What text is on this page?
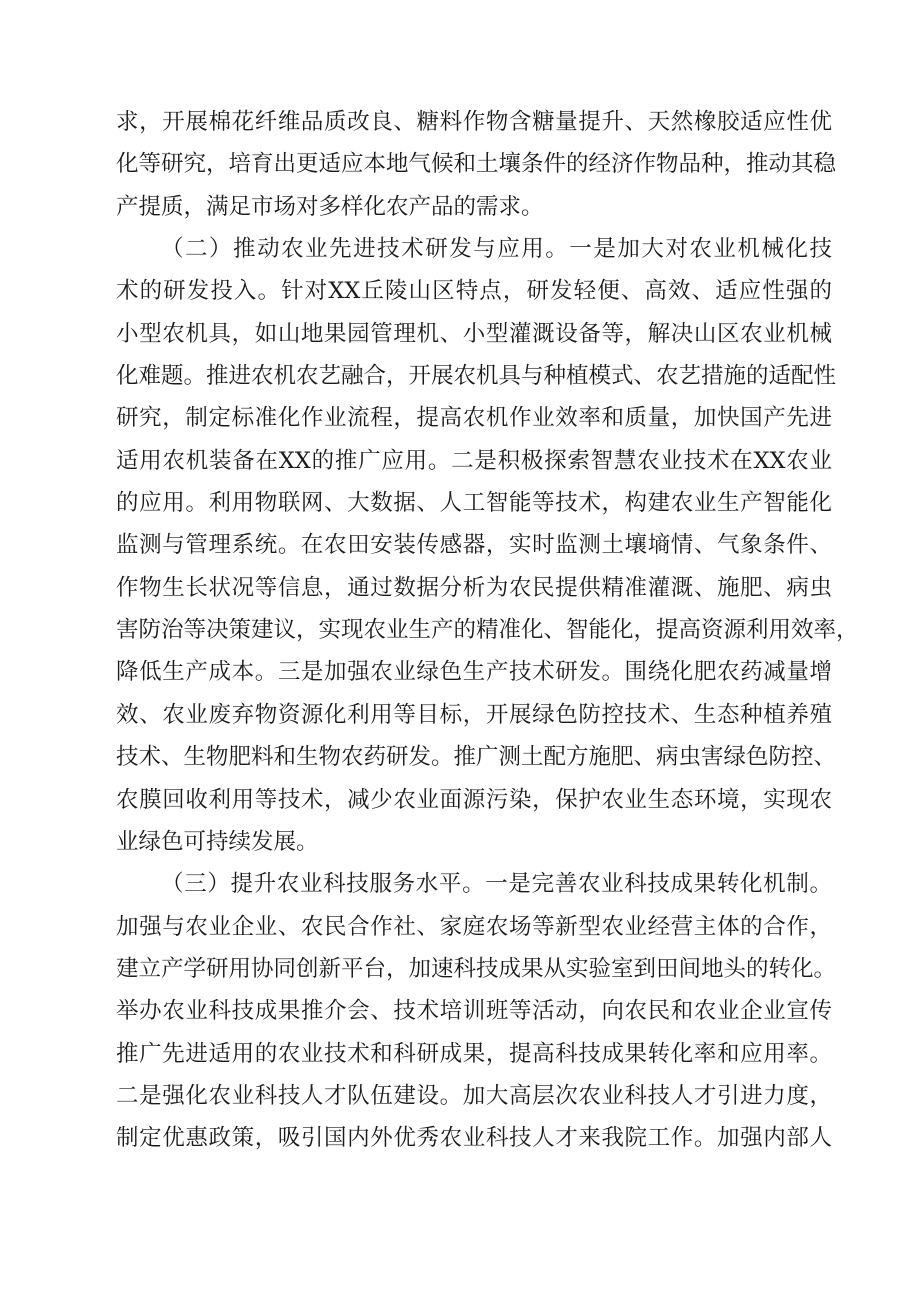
求，开展棉花纤维品质改良、糖料作物含糖量提升、天然橡胶适应性优
化等研究，培育出更适应本地气候和土壤条件的经济作物品种，推动其稳
产提质，满足市场对多样化农产品的需求。
（二）推动农业先进技术研发与应用。一是加大对农业机械化技
术的研发投入。针对XX丘陵山区特点，研发轻便、高效、适应性强的
小型农机具，如山地果园管理机、小型灌溉设备等，解决山区农业机械
化难题。推进农机农艺融合，开展农机具与种植模式、农艺措施的适配性
研究，制定标准化作业流程，提高农机作业效率和质量，加快国产先进
适用农机装备在XX的推广应用。二是积极探索智慧农业技术在XX农业
的应用。利用物联网、大数据、人工智能等技术，构建农业生产智能化
监测与管理系统。在农田安装传感器，实时监测土壤墒情、气象条件、
作物生长状况等信息，通过数据分析为农民提供精准灌溉、施肥、病虫
害防治等决策建议，实现农业生产的精准化、智能化，提高资源利用效率，
降低生产成本。三是加强农业绿色生产技术研发。围绕化肥农药减量增
效、农业废弃物资源化利用等目标，开展绿色防控技术、生态种植养殖
技术、生物肥料和生物农药研发。推广测土配方施肥、病虫害绿色防控、
农膜回收利用等技术，减少农业面源污染，保护农业生态环境，实现农
业绿色可持续发展。
（三）提升农业科技服务水平。一是完善农业科技成果转化机制。
加强与农业企业、农民合作社、家庭农场等新型农业经营主体的合作，
建立产学研用协同创新平台，加速科技成果从实验室到田间地头的转化。
举办农业科技成果推介会、技术培训班等活动，向农民和农业企业宣传
推广先进适用的农业技术和科研成果，提高科技成果转化率和应用率。
二是强化农业科技人才队伍建设。加大高层次农业科技人才引进力度，
制定优惠政策，吸引国内外优秀农业科技人才来我院工作。加强内部人
